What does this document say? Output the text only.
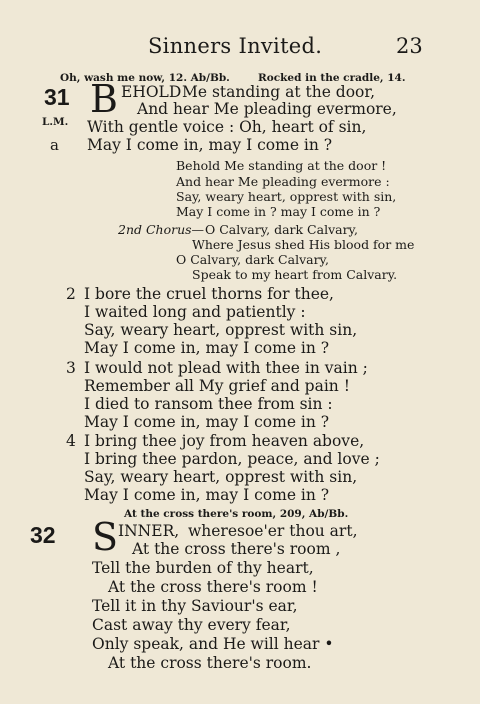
Sinners Invited.	23
Oh, wash me now, 12. Ab/Bb.	Rocked in the cradle, 14.
31
L.M.
a
B EHOLD Me standing at the door,
And hear Me pleading evermore,
With gentle voice : Oh, heart of sin,
May I come in, may I come in ?
Behold Me standing at the door !
And hear Me pleading evermore :
Say, weary heart, opprest with sin,
May I come in ? may I come in ?
2nd Chorus— O Calvary, dark Calvary,
Where Jesus shed His blood for me
O Calvary, dark Calvary,
Speak to my heart from Calvary.
2 I bore the cruel thorns for thee,
I waited long and patiently :
Say, weary heart, opprest with sin,
May I come in, may I come in ?
3 I would not plead with thee in vain ;
Remember all My grief and pain !
I died to ransom thee from sin :
May I come in, may I come in ?
4 I bring thee joy from heaven above,
I bring thee pardon, peace, and love ;
Say, weary heart, opprest with sin,
May I come in, may I come in ?
At the cross there's room, 209, Ab/Bb.
32 S INNER, wheresoe'er thou art,
At the cross there's room ,
Tell the burden of thy heart,
At the cross there's room !
Tell it in thy Saviour's ear,
Cast away thy every fear,
Only speak, and He will hear •
At the cross there's room.
